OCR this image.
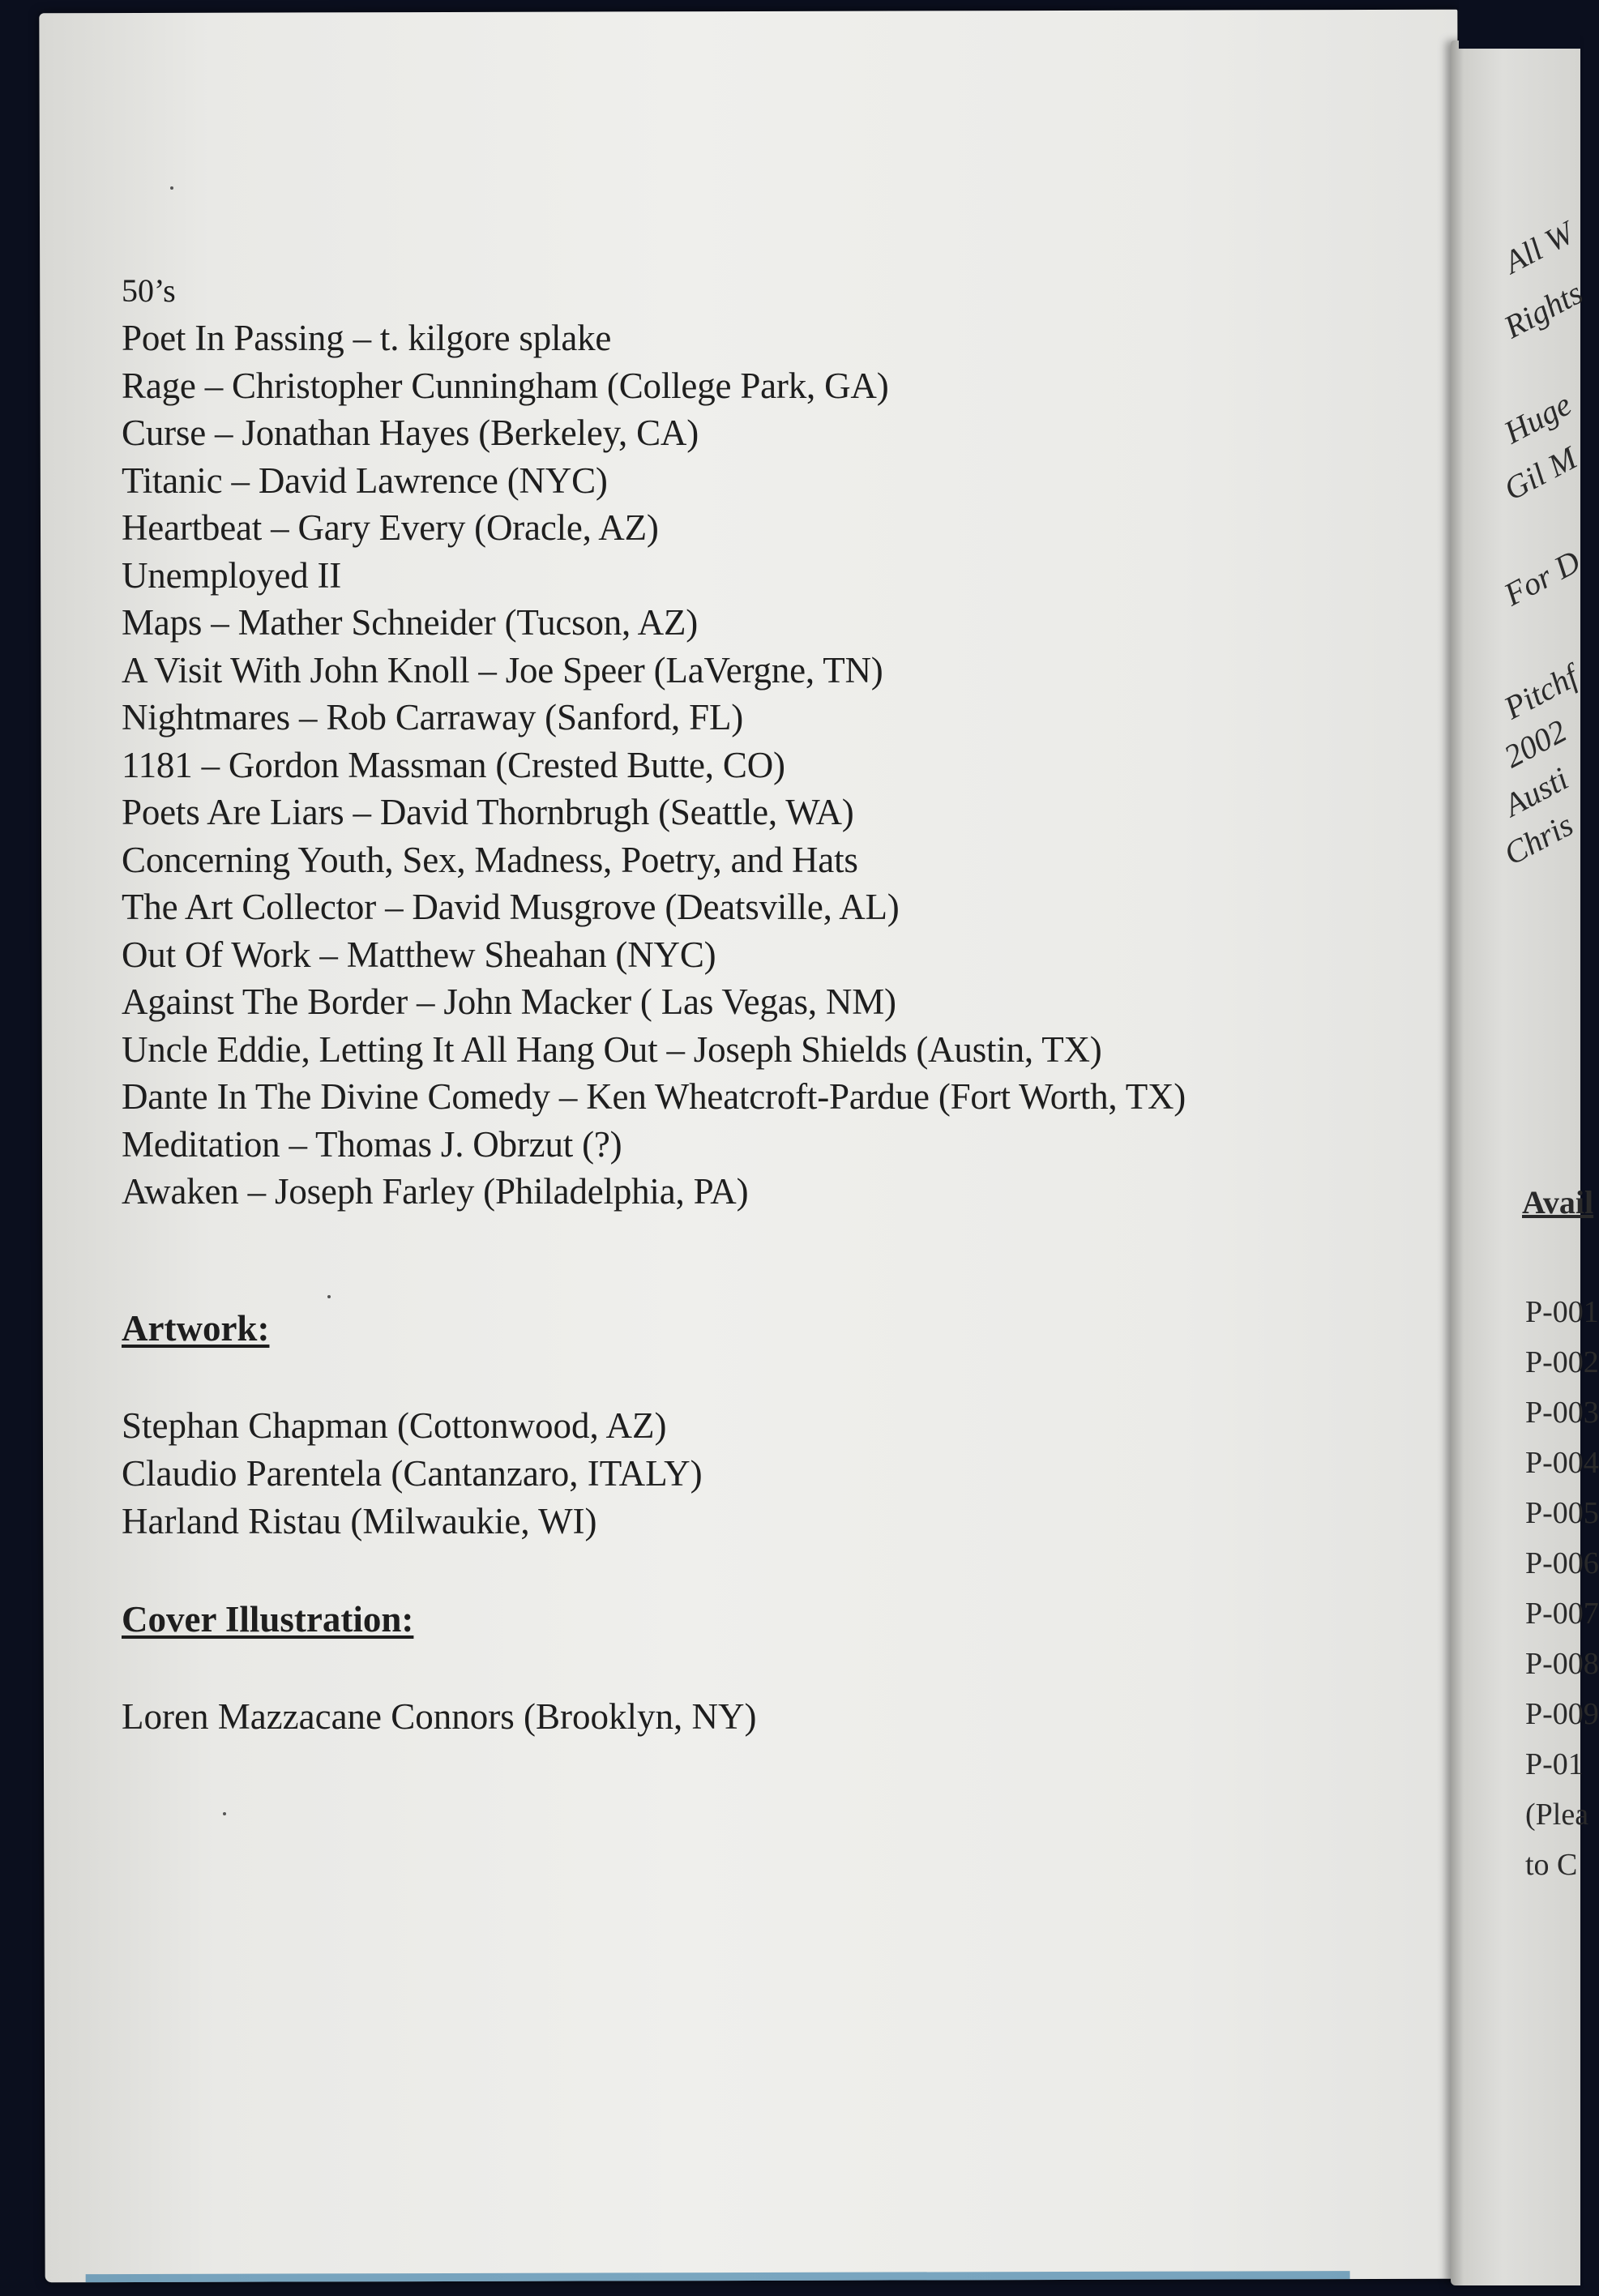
50’s

Poet In Passing – t. kilgore splake
Rage – Christopher Cunningham (College Park, GA)
Curse – Jonathan Hayes (Berkeley, CA)
Titanic – David Lawrence (NYC)
Heartbeat – Gary Every (Oracle, AZ)
Unemployed II
Maps – Mather Schneider (Tucson, AZ)
A Visit With John Knoll – Joe Speer (LaVergne, TN)
Nightmares – Rob Carraway (Sanford, FL)
1181 – Gordon Massman (Crested Butte, CO)
Poets Are Liars – David Thornbrugh (Seattle, WA)
Concerning Youth, Sex, Madness, Poetry, and Hats
The Art Collector – David Musgrove (Deatsville, AL)
Out Of Work – Matthew Sheahan (NYC)
Against The Border – John Macker ( Las Vegas, NM)
Uncle Eddie, Letting It All Hang Out – Joseph Shields (Austin, TX)
Dante In The Divine Comedy – Ken Wheatcroft-Pardue (Fort Worth, TX)
Meditation – Thomas J. Obrzut (?)
Awaken – Joseph Farley (Philadelphia, PA)

Artwork:

Stephan Chapman (Cottonwood, AZ)
Claudio Parentela (Cantanzaro, ITALY)
Harland Ristau (Milwaukie, WI)

Cover Illustration:

Loren Mazzacane Connors (Brooklyn, NY)

All W
Rights
Huge
Gil M
For D
Pitchf
2002
Austi
Chris
Avail
P-001
P-002
P-003
P-004
P-005
P-006
P-007
P-008
P-009
P-01
(Plea
to C
